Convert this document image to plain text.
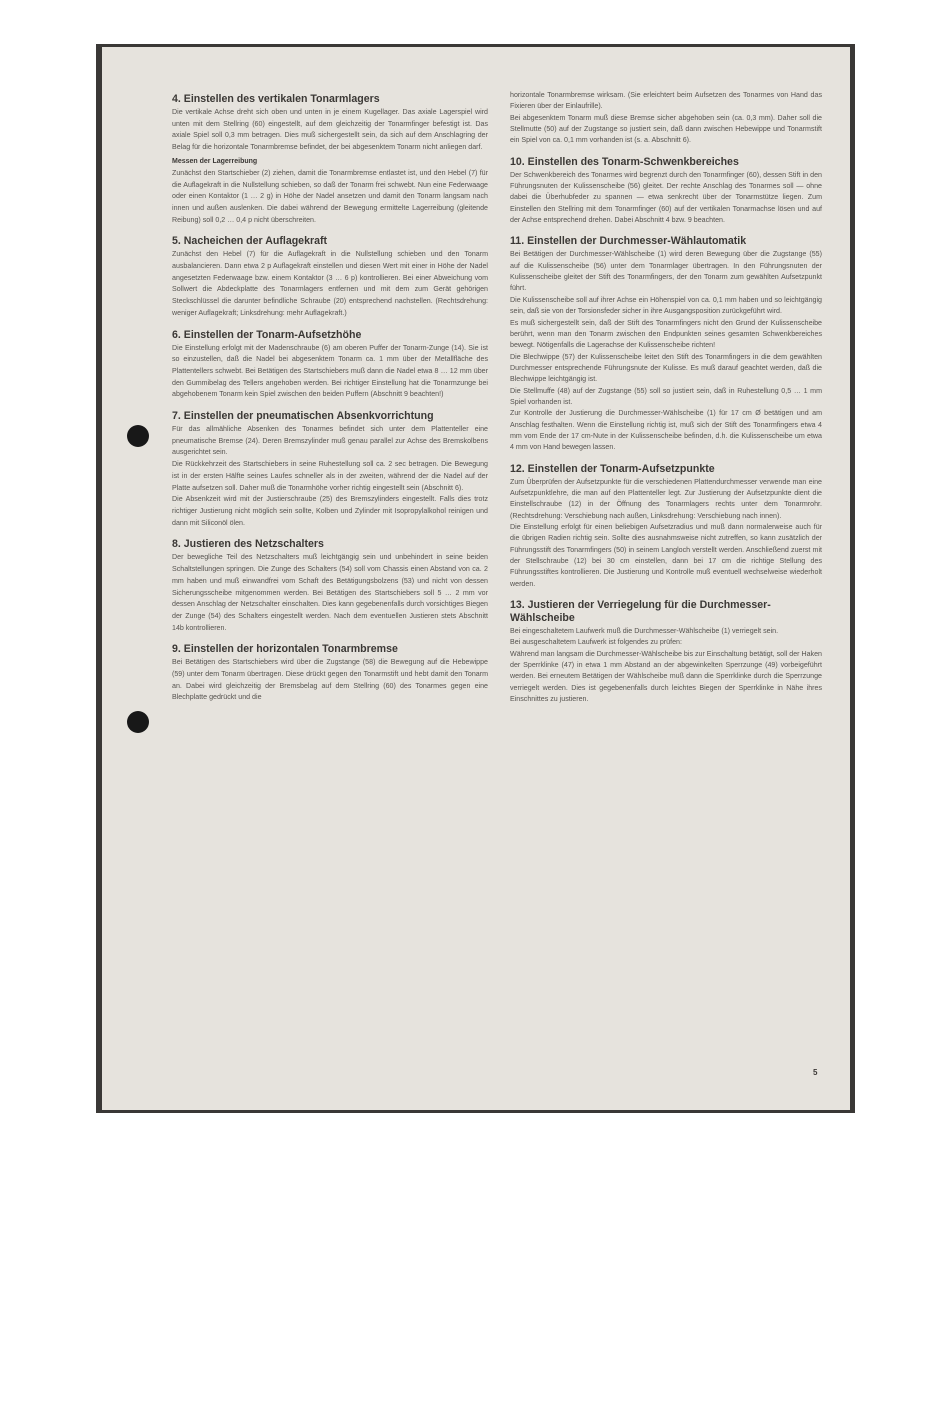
4. Einstellen des vertikalen Tonarmlagers

Die vertikale Achse dreht sich oben und unten in je einem Kugellager. Das axiale Lagerspiel wird unten mit dem Stellring (60) eingestellt, auf dem gleichzeitig der Tonarmfinger befestigt ist. Das axiale Spiel soll 0,3 mm betragen. Dies muß sichergestellt sein, da sich auf dem Anschlagring der Belag für die horizontale Tonarmbremse befindet, der bei abgesenktem Tonarm nicht anliegen darf.

Messen der Lagerreibung

Zunächst den Startschieber (2) ziehen, damit die Tonarmbremse entlastet ist, und den Hebel (7) für die Auflagekraft in die Nullstellung schieben, so daß der Tonarm frei schwebt. Nun eine Federwaage oder einen Kontaktor (1 … 2 g) in Höhe der Nadel ansetzen und damit den Tonarm langsam nach innen und außen auslenken. Die dabei während der Bewegung ermittelte Lagerreibung (gleitende Reibung) soll 0,2 … 0,4 p nicht überschreiten.

5. Nacheichen der Auflagekraft

Zunächst den Hebel (7) für die Auflagekraft in die Nullstellung schieben und den Tonarm ausbalancieren. Dann etwa 2 p Auflagekraft einstellen und diesen Wert mit einer in Höhe der Nadel angesetzten Federwaage bzw. einem Kontaktor (3 … 6 p) kontrollieren. Bei einer Abweichung vom Sollwert die Abdeckplatte des Tonarmlagers entfernen und mit dem zum Gerät gehörigen Steckschlüssel die darunter befindliche Schraube (20) entsprechend nachstellen. (Rechtsdrehung: weniger Auflagekraft; Linksdrehung: mehr Auflagekraft.)

6. Einstellen der Tonarm-Aufsetzhöhe

Die Einstellung erfolgt mit der Madenschraube (6) am oberen Puffer der Tonarm-Zunge (14). Sie ist so einzustellen, daß die Nadel bei abgesenktem Tonarm ca. 1 mm über der Metallfläche des Plattentellers schwebt. Bei Betätigen des Startschiebers muß dann die Nadel etwa 8 … 12 mm über den Gummibelag des Tellers angehoben werden. Bei richtiger Einstellung hat die Tonarmzunge bei abgehobenem Tonarm kein Spiel zwischen den beiden Puffern (Abschnitt 9 beachten!)

7. Einstellen der pneumatischen Absenkvorrichtung

Für das allmähliche Absenken des Tonarmes befindet sich unter dem Plattenteller eine pneumatische Bremse (24). Deren Bremszylinder muß genau parallel zur Achse des Bremskolbens ausgerichtet sein.

Die Rückkehrzeit des Startschiebers in seine Ruhestellung soll ca. 2 sec betragen. Die Bewegung ist in der ersten Hälfte seines Laufes schneller als in der zweiten, während der die Nadel auf der Platte aufsetzen soll. Daher muß die Tonarmhöhe vorher richtig eingestellt sein (Abschnitt 6).

Die Absenkzeit wird mit der Justierschraube (25) des Bremszylinders eingestellt. Falls dies trotz richtiger Justierung nicht möglich sein sollte, Kolben und Zylinder mit Isopropylalkohol reinigen und dann mit Siliconöl ölen.

8. Justieren des Netzschalters

Der bewegliche Teil des Netzschalters muß leichtgängig sein und unbehindert in seine beiden Schaltstellungen springen. Die Zunge des Schalters (54) soll vom Chassis einen Abstand von ca. 2 mm haben und muß einwandfrei vom Schaft des Betätigungsbolzens (53) und nicht von dessen Sicherungsscheibe mitgenommen werden. Bei Betätigen des Startschiebers soll 5 … 2 mm vor dessen Anschlag der Netzschalter einschalten. Dies kann gegebenenfalls durch vorsichtiges Biegen der Zunge (54) des Schalters eingestellt werden. Nach dem eventuellen Justieren stets Abschnitt 14b kontrollieren.

9. Einstellen der horizontalen Tonarmbremse

Bei Betätigen des Startschiebers wird über die Zugstange (58) die Bewegung auf die Hebewippe (59) unter dem Tonarm übertragen. Diese drückt gegen den Tonarmstift und hebt damit den Tonarm an. Dabei wird gleichzeitig der Bremsbelag auf dem Stellring (60) des Tonarmes gegen eine Blechplatte gedrückt und die

horizontale Tonarmbremse wirksam. (Sie erleichtert beim Aufsetzen des Tonarmes von Hand das Fixieren über der Einlaufrille).

Bei abgesenktem Tonarm muß diese Bremse sicher abgehoben sein (ca. 0,3 mm). Daher soll die Stellmutte (50) auf der Zugstange so justiert sein, daß dann zwischen Hebewippe und Tonarmstift ein Spiel von ca. 0,1 mm vorhanden ist (s. a. Abschnitt 6).

10. Einstellen des Tonarm-Schwenkbereiches

Der Schwenkbereich des Tonarmes wird begrenzt durch den Tonarmfinger (60), dessen Stift in den Führungsnuten der Kulissenscheibe (56) gleitet. Der rechte Anschlag des Tonarmes soll — ohne dabei die Überhubfeder zu spannen — etwa senkrecht über der Tonarmstütze liegen. Zum Einstellen den Stellring mit dem Tonarmfinger (60) auf der vertikalen Tonarmachse lösen und auf der Achse entsprechend drehen. Dabei Abschnitt 4 bzw. 9 beachten.

11. Einstellen der Durchmesser-Wählautomatik

Bei Betätigen der Durchmesser-Wählscheibe (1) wird deren Bewegung über die Zugstange (55) auf die Kulissenscheibe (56) unter dem Tonarmlager übertragen. In den Führungsnuten der Kulissenscheibe gleitet der Stift des Tonarmfingers, der den Tonarm zum gewählten Aufsetzpunkt führt.

Die Kulissenscheibe soll auf ihrer Achse ein Höhenspiel von ca. 0,1 mm haben und so leichtgängig sein, daß sie von der Torsionsfeder sicher in ihre Ausgangsposition zurückgeführt wird.

Es muß sichergestellt sein, daß der Stift des Tonarmfingers nicht den Grund der Kulissenscheibe berührt, wenn man den Tonarm zwischen den Endpunkten seines gesamten Schwenkbereiches bewegt. Nötigenfalls die Lagerachse der Kulissenscheibe richten!

Die Blechwippe (57) der Kulissenscheibe leitet den Stift des Tonarmfingers in die dem gewählten Durchmesser entsprechende Führungsnute der Kulisse. Es muß darauf geachtet werden, daß die Blechwippe leichtgängig ist.

Die Stellmuffe (48) auf der Zugstange (55) soll so justiert sein, daß in Ruhestellung 0,5 … 1 mm Spiel vorhanden ist.

Zur Kontrolle der Justierung die Durchmesser-Wählscheibe (1) für 17 cm Ø betätigen und am Anschlag festhalten. Wenn die Einstellung richtig ist, muß sich der Stift des Tonarmfingers etwa 4 mm vom Ende der 17 cm-Nute in der Kulissenscheibe befinden, d.h. die Kulissenscheibe um etwa 4 mm von Hand bewegen lassen.

12. Einstellen der Tonarm-Aufsetzpunkte

Zum Überprüfen der Aufsetzpunkte für die verschiedenen Plattendurchmesser verwende man eine Aufsetzpunktlehre, die man auf den Plattenteller legt. Zur Justierung der Aufsetzpunkte dient die Einstellschraube (12) in der Öffnung des Tonarmlagers rechts unter dem Tonarmrohr. (Rechtsdrehung: Verschiebung nach außen, Linksdrehung: Verschiebung nach innen).

Die Einstellung erfolgt für einen beliebigen Aufsetzradius und muß dann normalerweise auch für die übrigen Radien richtig sein. Sollte dies ausnahmsweise nicht zutreffen, so kann zusätzlich der Führungsstift des Tonarmfingers (50) in seinem Langloch verstellt werden. Anschließend zuerst mit der Stellschraube (12) bei 30 cm einstellen, dann bei 17 cm die richtige Stellung des Führungsstiftes kontrollieren. Die Justierung und Kontrolle muß eventuell wechselweise wiederholt werden.

13. Justieren der Verriegelung für die Durchmesser-Wählscheibe

Bei eingeschaltetem Laufwerk muß die Durchmesser-Wählscheibe (1) verriegelt sein.

Bei ausgeschaltetem Laufwerk ist folgendes zu prüfen:

Während man langsam die Durchmesser-Wählscheibe bis zur Einschaltung betätigt, soll der Haken der Sperrklinke (47) in etwa 1 mm Abstand an der abgewinkelten Sperrzunge (49) vorbeigeführt werden. Bei erneutem Betätigen der Wählscheibe muß dann die Sperrklinke durch die Sperrzunge verriegelt werden. Dies ist gegebenenfalls durch leichtes Biegen der Sperrklinke in Nähe ihres Einschnittes zu justieren.

5
